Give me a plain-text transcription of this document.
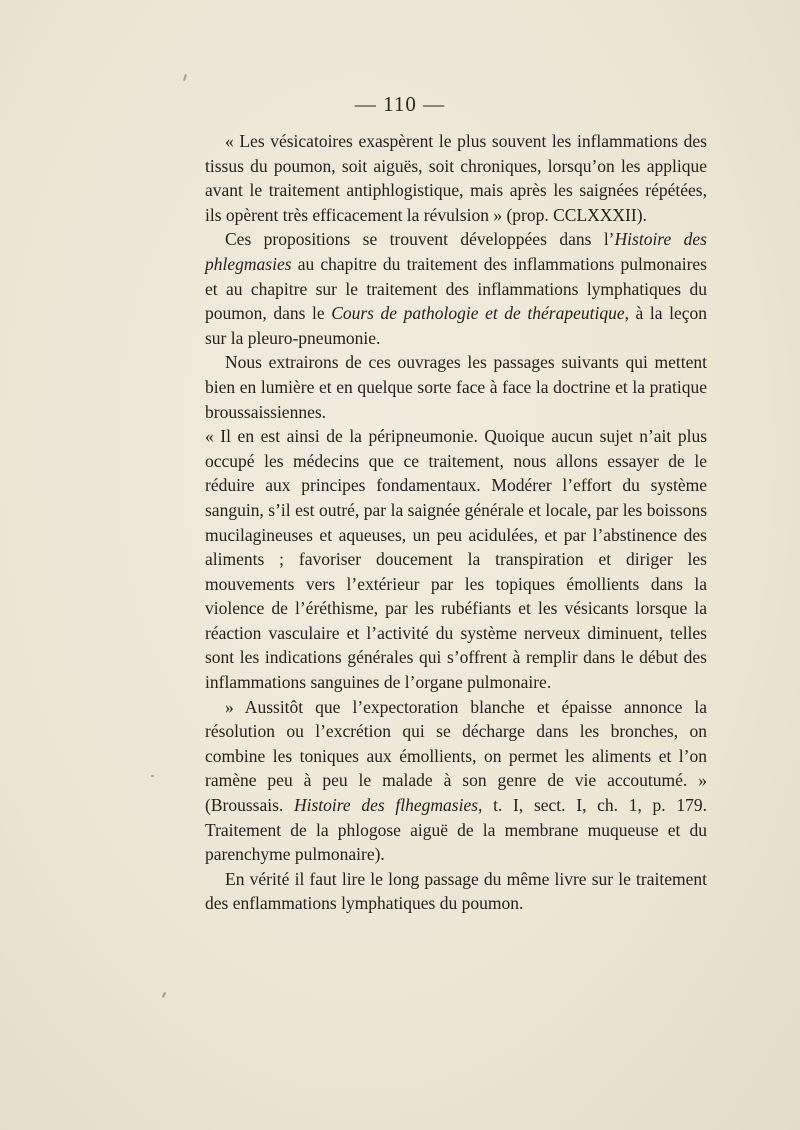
— 110 —

« Les vésicatoires exaspèrent le plus souvent les inflammations des tissus du poumon, soit aiguës, soit chroniques, lorsqu’on les applique avant le traitement antiphlogistique, mais après les saignées répétées, ils opèrent très efficacement la révulsion » (prop. CCLXXXII).

Ces propositions se trouvent développées dans l’Histoire des phlegmasies au chapitre du traitement des inflammations pulmonaires et au chapitre sur le traitement des inflammations lymphatiques du poumon, dans le Cours de pathologie et de thérapeutique, à la leçon sur la pleuro-pneumonie.

Nous extrairons de ces ouvrages les passages suivants qui mettent bien en lumière et en quelque sorte face à face la doctrine et la pratique broussaissiennes.

« Il en est ainsi de la péripneumonie. Quoique aucun sujet n’ait plus occupé les médecins que ce traitement, nous allons essayer de le réduire aux principes fondamentaux. Modérer l’effort du système sanguin, s’il est outré, par la saignée générale et locale, par les boissons mucilagineuses et aqueuses, un peu acidulées, et par l’abstinence des aliments ; favoriser doucement la transpiration et diriger les mouvements vers l’extérieur par les topiques émollients dans la violence de l’éréthisme, par les rubéfiants et les vésicants lorsque la réaction vasculaire et l’activité du système nerveux diminuent, telles sont les indications générales qui s’offrent à remplir dans le début des inflammations sanguines de l’organe pulmonaire.

» Aussitôt que l’expectoration blanche et épaisse annonce la résolution ou l’excrétion qui se décharge dans les bronches, on combine les toniques aux émollients, on permet les aliments et l’on ramène peu à peu le malade à son genre de vie accoutumé. » (Broussais. Histoire des flhegmasies, t. I, sect. I, ch. 1, p. 179. Traitement de la phlogose aiguë de la membrane muqueuse et du parenchyme pulmonaire).

En vérité il faut lire le long passage du même livre sur le traitement des enflammations lymphatiques du poumon.
